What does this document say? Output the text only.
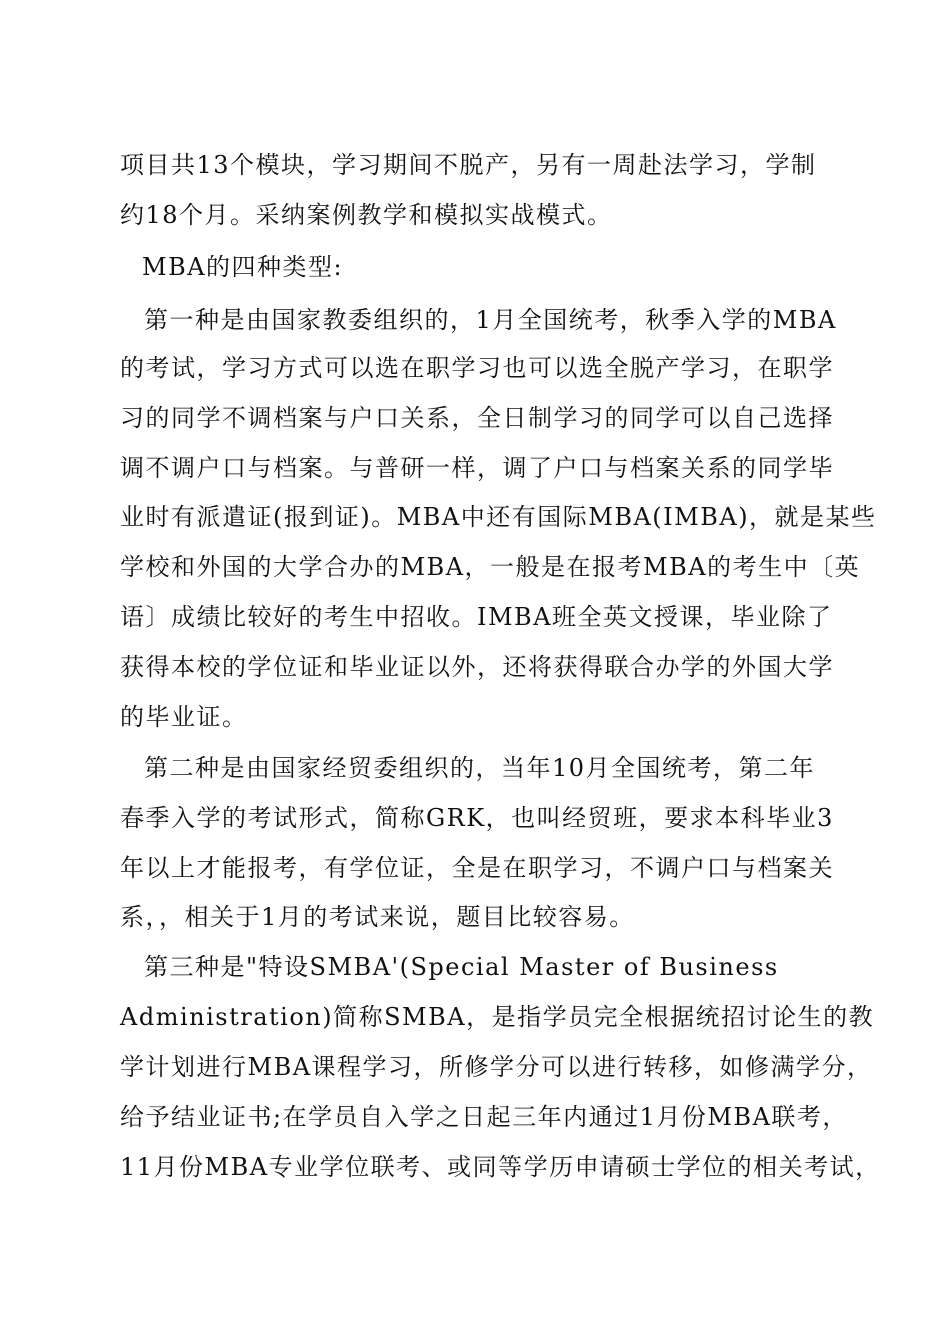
项目共13个模块，学习期间不脱产，另有一周赴法学习，学制
约18个月。采纳案例教学和模拟实战模式。
MBA的四种类型:
第一种是由国家教委组织的，1月全国统考，秋季入学的MBA
的考试，学习方式可以选在职学习也可以选全脱产学习，在职学
习的同学不调档案与户口关系，全日制学习的同学可以自己选择
调不调户口与档案。与普研一样，调了户口与档案关系的同学毕
业时有派遣证(报到证)。MBA中还有国际MBA(IMBA)，就是某些
学校和外国的大学合办的MBA，一般是在报考MBA的考生中〔英
语〕成绩比较好的考生中招收。IMBA班全英文授课，毕业除了
获得本校的学位证和毕业证以外，还将获得联合办学的外国大学
的毕业证。
第二种是由国家经贸委组织的，当年10月全国统考，第二年
春季入学的考试形式，简称GRK，也叫经贸班，要求本科毕业3
年以上才能报考，有学位证，全是在职学习，不调户口与档案关
系，，相关于1月的考试来说，题目比较容易。
第三种是"特设SMBA'(Special Master of Business
Administration)简称SMBA，是指学员完全根据统招讨论生的教
学计划进行MBA课程学习，所修学分可以进行转移，如修满学分，
给予结业证书;在学员自入学之日起三年内通过1月份MBA联考，
11月份MBA专业学位联考、或同等学历申请硕士学位的相关考试，
